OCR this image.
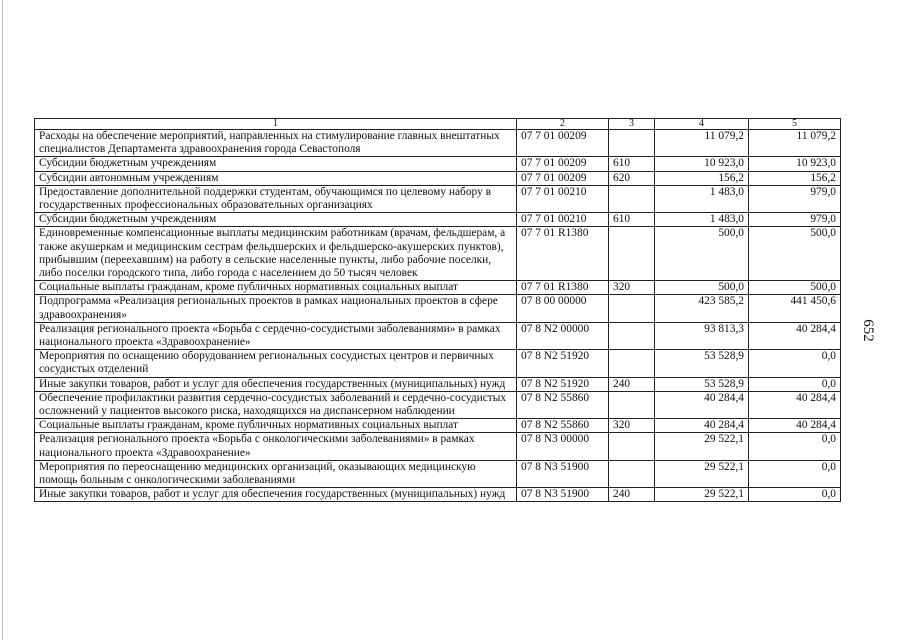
1	2	3	4	5
Расходы на обеспечение мероприятий, направленных на стимулирование главных внештатных специалистов Департамента здравоохранения города Севастополя	07 7 01 00209		11 079,2	11 079,2
Субсидии бюджетным учреждениям	07 7 01 00209	610	10 923,0	10 923,0
Субсидии автономным учреждениям	07 7 01 00209	620	156,2	156,2
Предоставление дополнительной поддержки студентам, обучающимся по целевому набору в государственных профессиональных образовательных организациях	07 7 01 00210		1 483,0	979,0
Субсидии бюджетным учреждениям	07 7 01 00210	610	1 483,0	979,0
Единовременные компенсационные выплаты медицинским работникам (врачам, фельдшерам, а также акушеркам и медицинским сестрам фельдшерских и фельдшерско-акушерских пунктов), прибывшим (переехавшим) на работу в сельские населенные пункты, либо рабочие поселки, либо поселки городского типа, либо города с населением до 50 тысяч человек	07 7 01 R1380		500,0	500,0
Социальные выплаты гражданам, кроме публичных нормативных социальных выплат	07 7 01 R1380	320	500,0	500,0
Подпрограмма «Реализация региональных проектов в рамках национальных проектов в сфере здравоохранения»	07 8 00 00000		423 585,2	441 450,6
Реализация регионального проекта «Борьба с сердечно-сосудистыми заболеваниями» в рамках национального проекта «Здравоохранение»	07 8 N2 00000		93 813,3	40 284,4
Мероприятия по оснащению оборудованием региональных сосудистых центров и первичных сосудистых отделений	07 8 N2 51920		53 528,9	0,0
Иные закупки товаров, работ и услуг для обеспечения государственных (муниципальных) нужд	07 8 N2 51920	240	53 528,9	0,0
Обеспечение профилактики развития сердечно-сосудистых заболеваний и сердечно-сосудистых осложнений у пациентов высокого риска, находящихся на диспансерном наблюдении	07 8 N2 55860		40 284,4	40 284,4
Социальные выплаты гражданам, кроме публичных нормативных социальных выплат	07 8 N2 55860	320	40 284,4	40 284,4
Реализация регионального проекта «Борьба с онкологическими заболеваниями» в рамках национального проекта «Здравоохранение»	07 8 N3 00000		29 522,1	0,0
Мероприятия по переоснащению медицинских организаций, оказывающих медицинскую помощь больным с онкологическими заболеваниями	07 8 N3 51900		29 522,1	0,0
Иные закупки товаров, работ и услуг для обеспечения государственных (муниципальных) нужд	07 8 N3 51900	240	29 522,1	0,0
652
